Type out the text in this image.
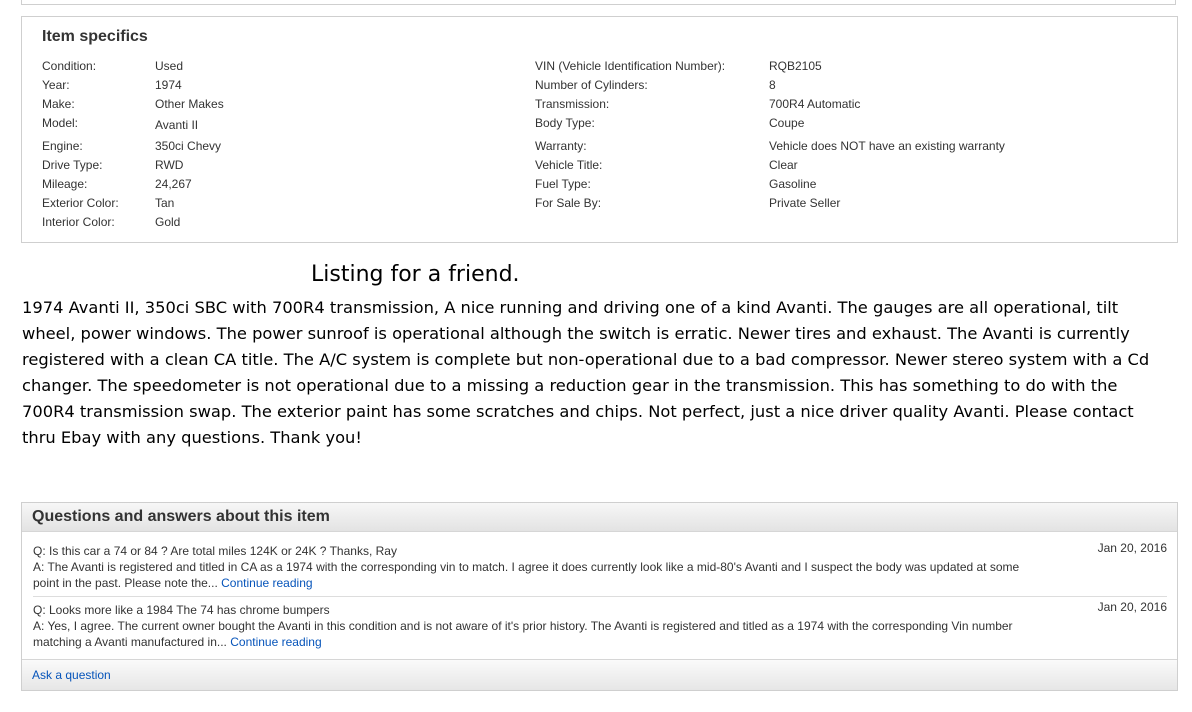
Item specifics
Condition:	Used
Year:	1974
Make:	Other Makes
Model:	Avanti II
Engine:	350ci Chevy
Drive Type:	RWD
Mileage:	24,267
Exterior Color:	Tan
Interior Color:	Gold
VIN (Vehicle Identification Number):	RQB2105
Number of Cylinders:	8
Transmission:	700R4 Automatic
Body Type:	Coupe
Warranty:	Vehicle does NOT have an existing warranty
Vehicle Title:	Clear
Fuel Type:	Gasoline
For Sale By:	Private Seller
Listing for a friend.
1974 Avanti II, 350ci SBC with 700R4 transmission, A nice running and driving one of a kind Avanti. The gauges are all operational, tilt wheel, power windows. The power sunroof is operational although the switch is erratic. Newer tires and exhaust. The Avanti is currently registered with a clean CA title. The A/C system is complete but non-operational due to a bad compressor. Newer stereo system with a Cd changer. The speedometer is not operational due to a missing a reduction gear in the transmission. This has something to do with the 700R4 transmission swap. The exterior paint has some scratches and chips. Not perfect, just a nice driver quality Avanti. Please contact thru Ebay with any questions. Thank you!
Questions and answers about this item
Q: Is this car a 74 or 84 ? Are total miles 124K or 24K ? Thanks, Ray
A: The Avanti is registered and titled in CA as a 1974 with the corresponding vin to match. I agree it does currently look like a mid-80's Avanti and I suspect the body was updated at some point in the past. Please note the... Continue reading
Jan 20, 2016
Q: Looks more like a 1984 The 74 has chrome bumpers
A: Yes, I agree. The current owner bought the Avanti in this condition and is not aware of it's prior history. The Avanti is registered and titled as a 1974 with the corresponding Vin number matching a Avanti manufactured in... Continue reading
Jan 20, 2016
Ask a question
